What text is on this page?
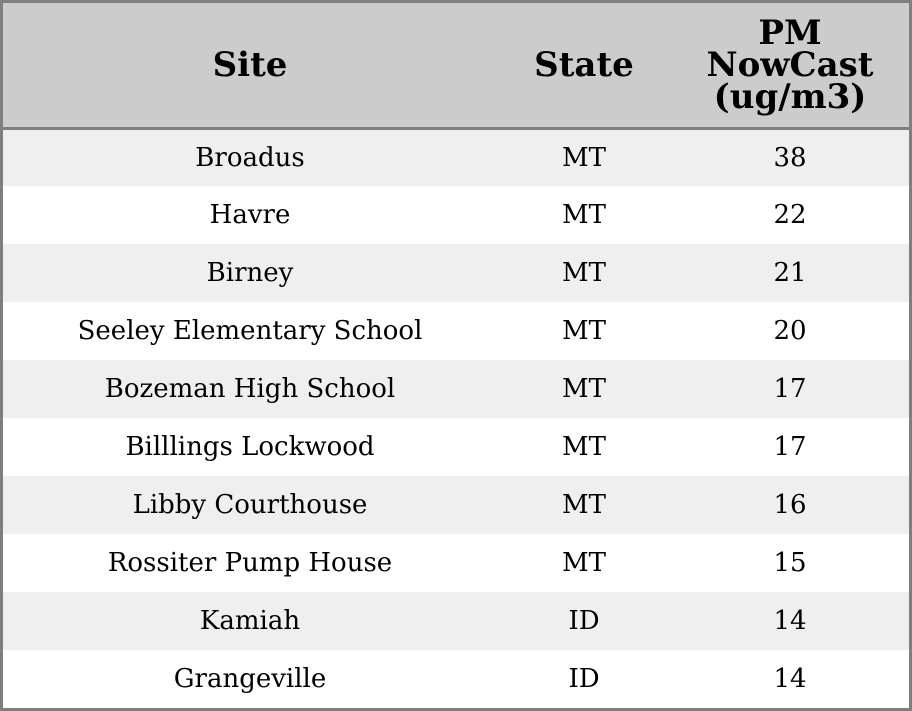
Site	State	PM
NowCast
(ug/m3)

Broadus	MT	38
Havre	MT	22
Birney	MT	21
Seeley Elementary School	MT	20
Bozeman High School	MT	17
Billlings Lockwood	MT	17
Libby Courthouse	MT	16
Rossiter Pump House	MT	15
Kamiah	ID	14
Grangeville	ID	14
